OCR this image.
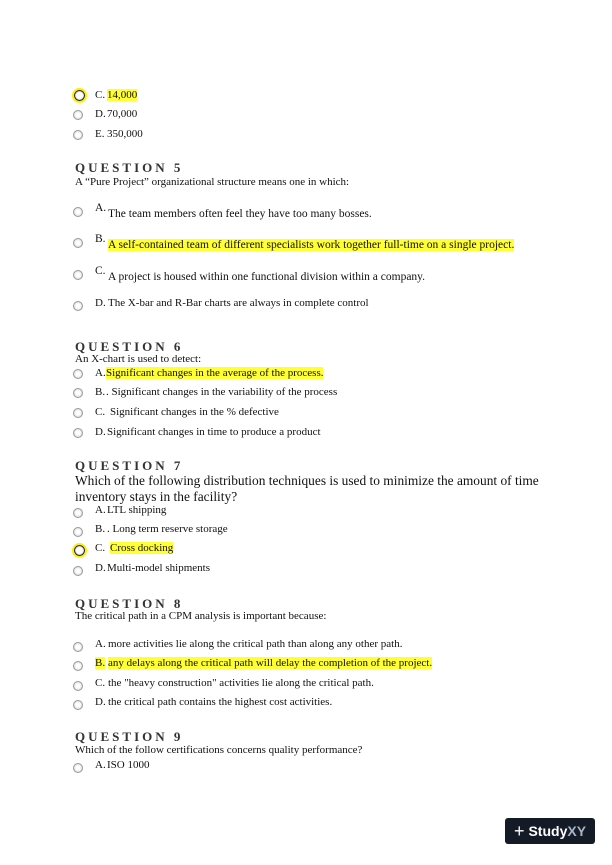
C. 14,000
D. 70,000
E. 350,000
QUESTION 5
A “Pure Project” organizational structure means one in which:
A. The team members often feel they have too many bosses.
B. A self-contained team of different specialists work together full-time on a single project.
C. A project is housed within one functional division within a company.
D. The X-bar and R-Bar charts are always in complete control
QUESTION 6
An X-chart is used to detect:
A. Significant changes in the average of the process.
B. . Significant changes in the variability of the process
C. Significant changes in the % defective
D. Significant changes in time to produce a product
QUESTION 7
Which of the following distribution techniques is used to minimize the amount of time inventory stays in the facility?
A. LTL shipping
B. . Long term reserve storage
C. Cross docking
D. Multi-model shipments
QUESTION 8
The critical path in a CPM analysis is important because:
A. more activities lie along the critical path than along any other path.
B. any delays along the critical path will delay the completion of the project.
C. the "heavy construction" activities lie along the critical path.
D. the critical path contains the highest cost activities.
QUESTION 9
Which of the follow certifications concerns quality performance?
A. ISO 1000
+ Study XY
